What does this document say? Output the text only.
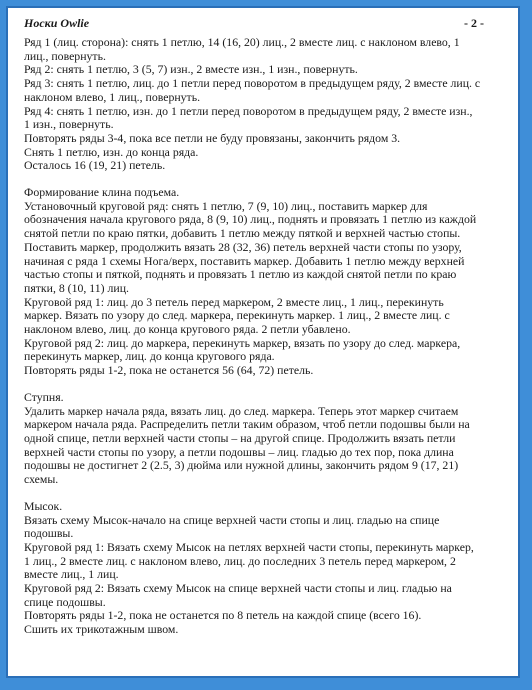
Носки Owlie	- 2 -

Ряд 1 (лиц. сторона): снять 1 петлю, 14 (16, 20) лиц., 2 вместе лиц. с наклоном влево, 1

лиц., повернуть.

Ряд 2: снять 1 петлю, 3 (5, 7) изн., 2 вместе изн., 1 изн., повернуть.

Ряд 3: снять 1 петлю, лиц. до 1 петли перед поворотом в предыдущем ряду, 2 вместе лиц. с

наклоном влево, 1 лиц., повернуть.

Ряд 4: снять 1 петлю, изн. до 1 петли перед поворотом в предыдущем ряду, 2 вместе изн.,

1 изн., повернуть.

Повторять ряды 3-4, пока все петли не буду провязаны, закончить рядом 3.

Снять 1 петлю, изн. до конца ряда.

Осталось 16 (19, 21) петель.

Формирование клина подъема.

Установочный круговой ряд: снять 1 петлю, 7 (9, 10) лиц., поставить маркер для

обозначения начала кругового ряда, 8 (9, 10) лиц., поднять и провязать 1 петлю из каждой

снятой петли по краю пятки, добавить 1 петлю между пяткой и верхней частью стопы.

Поставить маркер, продолжить вязать 28 (32, 36) петель верхней части стопы по узору,

начиная с ряда 1 схемы Нога/верх, поставить маркер. Добавить 1 петлю между верхней

частью стопы и пяткой, поднять и провязать 1 петлю из каждой снятой петли по краю

пятки, 8 (10, 11) лиц.

Круговой ряд 1: лиц. до 3 петель перед маркером, 2 вместе лиц., 1 лиц., перекинуть

маркер. Вязать по узору до след. маркера, перекинуть маркер. 1 лиц., 2 вместе лиц. с

наклоном влево, лиц. до конца кругового ряда. 2 петли убавлено.

Круговой ряд 2: лиц. до маркера, перекинуть маркер, вязать по узору до след. маркера,

перекинуть маркер, лиц. до конца кругового ряда.

Повторять ряды 1-2, пока не останется 56 (64, 72) петель.

Ступня.

Удалить маркер начала ряда, вязать лиц. до след. маркера. Теперь этот маркер считаем

маркером начала ряда. Распределить петли таким образом, чтоб петли подошвы были на

одной спице, петли верхней части стопы – на другой спице. Продолжить вязать петли

верхней части стопы по узору, а петли подошвы – лиц. гладью до тех пор, пока длина

подошвы не достигнет 2 (2.5, 3) дюйма или нужной длины, закончить рядом 9 (17, 21)

схемы.

Мысок.

Вязать схему Мысок-начало на спице верхней части стопы и лиц. гладью на спице

подошвы.

Круговой ряд 1: Вязать схему Мысок на петлях верхней части стопы, перекинуть маркер,

1 лиц., 2 вместе лиц. с наклоном влево, лиц. до последних 3 петель перед маркером, 2

вместе лиц., 1 лиц.

Круговой ряд 2: Вязать схему Мысок на спице верхней части стопы и лиц. гладью на

спице подошвы.

Повторять ряды 1-2, пока не останется по 8 петель на каждой спице (всего 16).

Сшить их трикотажным швом.
